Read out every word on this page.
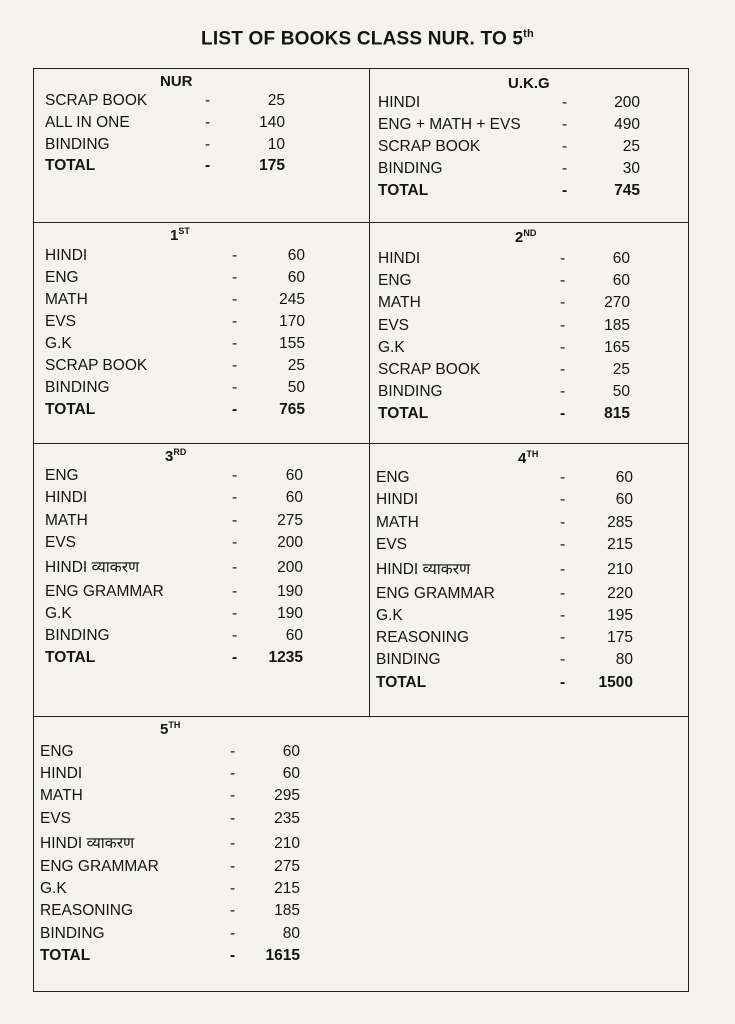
LIST OF BOOKS CLASS NUR. TO 5th
NUR
SCRAP BOOK	-	25
ALL IN ONE	-	140
BINDING	-	10
TOTAL	-	175
U.K.G
HINDI	-	200
ENG + MATH + EVS	-	490
SCRAP BOOK	-	25
BINDING	-	30
TOTAL	-	745
1ST
HINDI	-	60
ENG	-	60
MATH	-	245
EVS	-	170
G.K	-	155
SCRAP BOOK	-	25
BINDING	-	50
TOTAL	-	765
2ND
HINDI	-	60
ENG	-	60
MATH	-	270
EVS	-	185
G.K	-	165
SCRAP BOOK	-	25
BINDING	-	50
TOTAL	-	815
3RD
ENG	-	60
HINDI	-	60
MATH	-	275
EVS	-	200
HINDI व्याकरण	-	200
ENG GRAMMAR	-	190
G.K	-	190
BINDING	-	60
TOTAL	-	1235
4TH
ENG	-	60
HINDI	-	60
MATH	-	285
EVS	-	215
HINDI व्याकरण	-	210
ENG GRAMMAR	-	220
G.K	-	195
REASONING	-	175
BINDING	-	80
TOTAL	-	1500
5TH
ENG	-	60
HINDI	-	60
MATH	-	295
EVS	-	235
HINDI व्याकरण	-	210
ENG GRAMMAR	-	275
G.K	-	215
REASONING	-	185
BINDING	-	80
TOTAL	-	1615
